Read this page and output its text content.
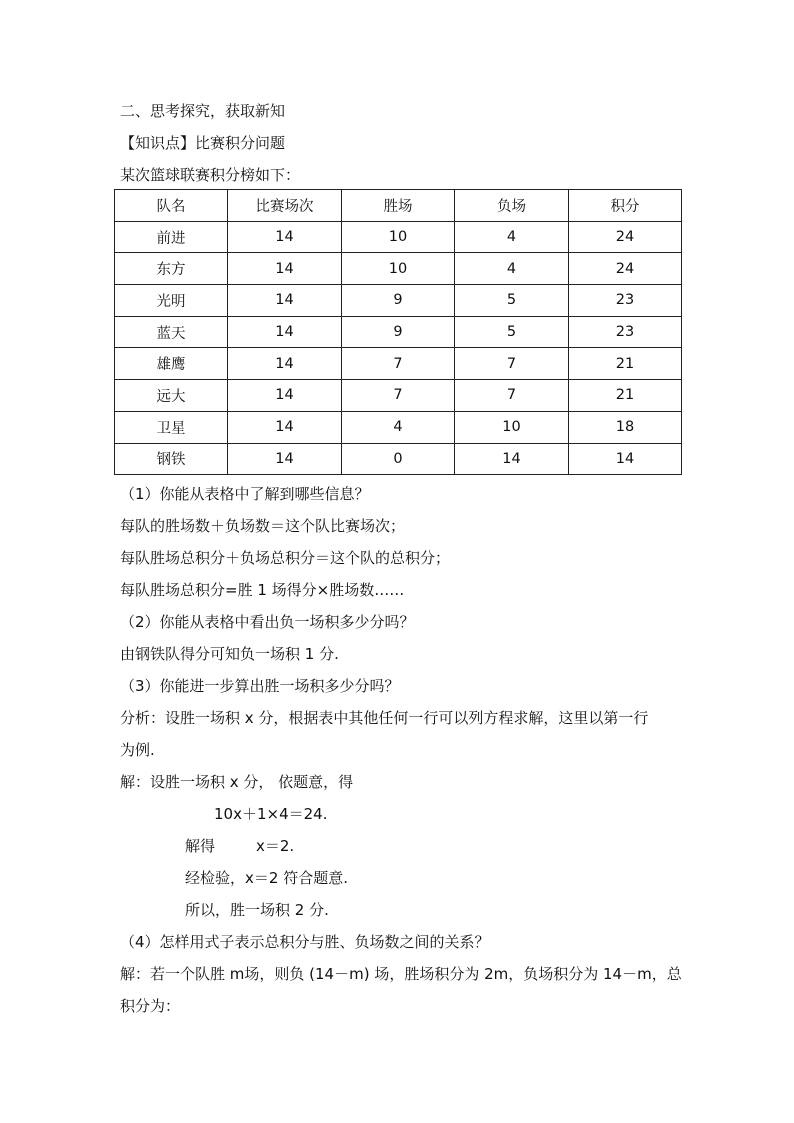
二、思考探究，获取新知
【知识点】比赛积分问题
某次篮球联赛积分榜如下：
队名	比赛场次	胜场	负场	积分
前进	14	10	4	24
东方	14	10	4	24
光明	14	9	5	23
蓝天	14	9	5	23
雄鹰	14	7	7	21
远大	14	7	7	21
卫星	14	4	10	18
钢铁	14	0	14	14
（1）你能从表格中了解到哪些信息？
每队的胜场数＋负场数＝这个队比赛场次；
每队胜场总积分＋负场总积分＝这个队的总积分；
每队胜场总积分=胜 1 场得分×胜场数……
（2）你能从表格中看出负一场积多少分吗？
由钢铁队得分可知负一场积 1 分.
（3）你能进一步算出胜一场积多少分吗？
分析：设胜一场积 x 分，根据表中其他任何一行可以列方程求解，这里以第一行
为例.
解：设胜一场积 x 分， 依题意，得
10x＋1×4＝24.
解得	x＝2.
经检验，x＝2 符合题意.
所以，胜一场积 2 分.
（4）怎样用式子表示总积分与胜、负场数之间的关系？
解：若一个队胜 m场，则负 (14－m) 场，胜场积分为 2m，负场积分为 14－m，总
积分为：
